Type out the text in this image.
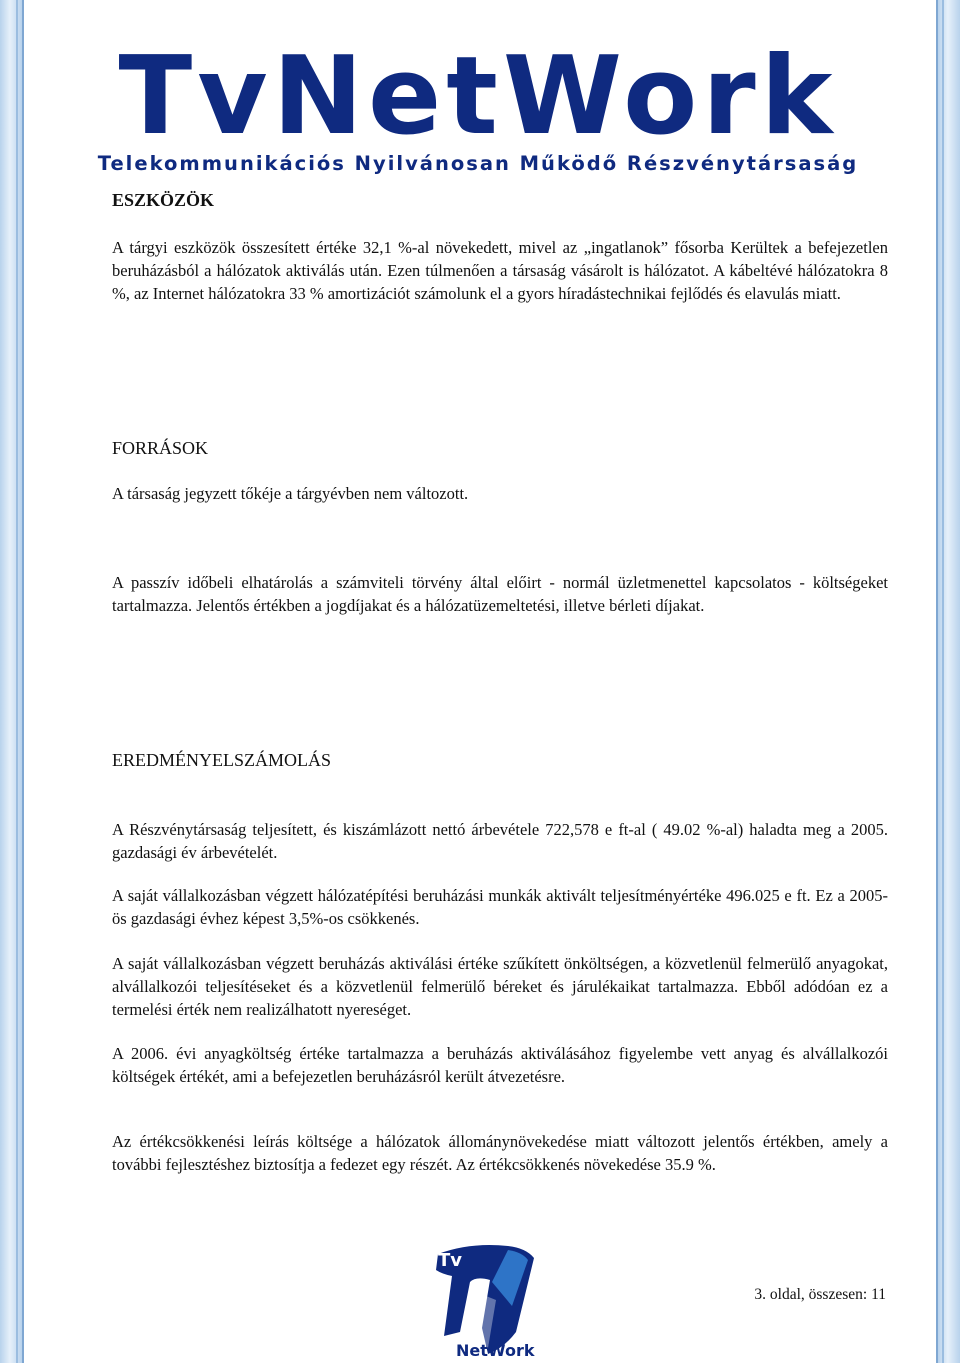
TvNetWork
Telekommunikációs Nyilvánosan Működő Részvénytársaság
ESZKÖZÖK

A tárgyi eszközök összesített értéke 32,1 %-al növekedett, mivel az „ingatlanok” fősorba Kerültek a befejezetlen beruházásból a hálózatok aktiválás után. Ezen túlmenően a társaság vásárolt is hálózatot. A kábeltévé hálózatokra 8 %, az Internet hálózatokra 33 % amortizációt számolunk el a gyors híradástechnikai fejlődés és elavulás miatt.

FORRÁSOK

A társaság jegyzett tőkéje a tárgyévben nem változott.

A passzív időbeli elhatárolás a számviteli törvény által előirt - normál üzletmenettel kapcsolatos - költségeket tartalmazza. Jelentős értékben a jogdíjakat és a hálózatüzemeltetési, illetve bérleti díjakat.

EREDMÉNYELSZÁMOLÁS

A Részvénytársaság teljesített, és kiszámlázott nettó árbevétele 722,578 e ft-al ( 49.02 %-al) haladta meg a 2005. gazdasági év árbevételét.

A saját vállalkozásban végzett hálózatépítési beruházási munkák aktivált teljesítményértéke 496.025 e ft. Ez a 2005-ös gazdasági évhez képest 3,5%-os csökkenés.

A saját vállalkozásban végzett beruházás aktiválási értéke szűkített önköltségen, a közvetlenül felmerülő anyagokat, alvállalkozói teljesítéseket és a közvetlenül felmerülő béreket és járulékaikat tartalmazza. Ebből adódóan ez a termelési érték nem realizálhatott nyereséget.

A 2006. évi anyagköltség értéke tartalmazza a beruházás aktiválásához figyelembe vett anyag és alvállalkozói költségek értékét, ami a befejezetlen beruházásról került átvezetésre.

Az értékcsökkenési leírás költsége a hálózatok állománynövekedése miatt változott jelentős értékben, amely a további fejlesztéshez biztosítja a fedezet egy részét. Az értékcsökkenés növekedése 35.9 %.

Tv
NetWork
3. oldal, összesen: 11
